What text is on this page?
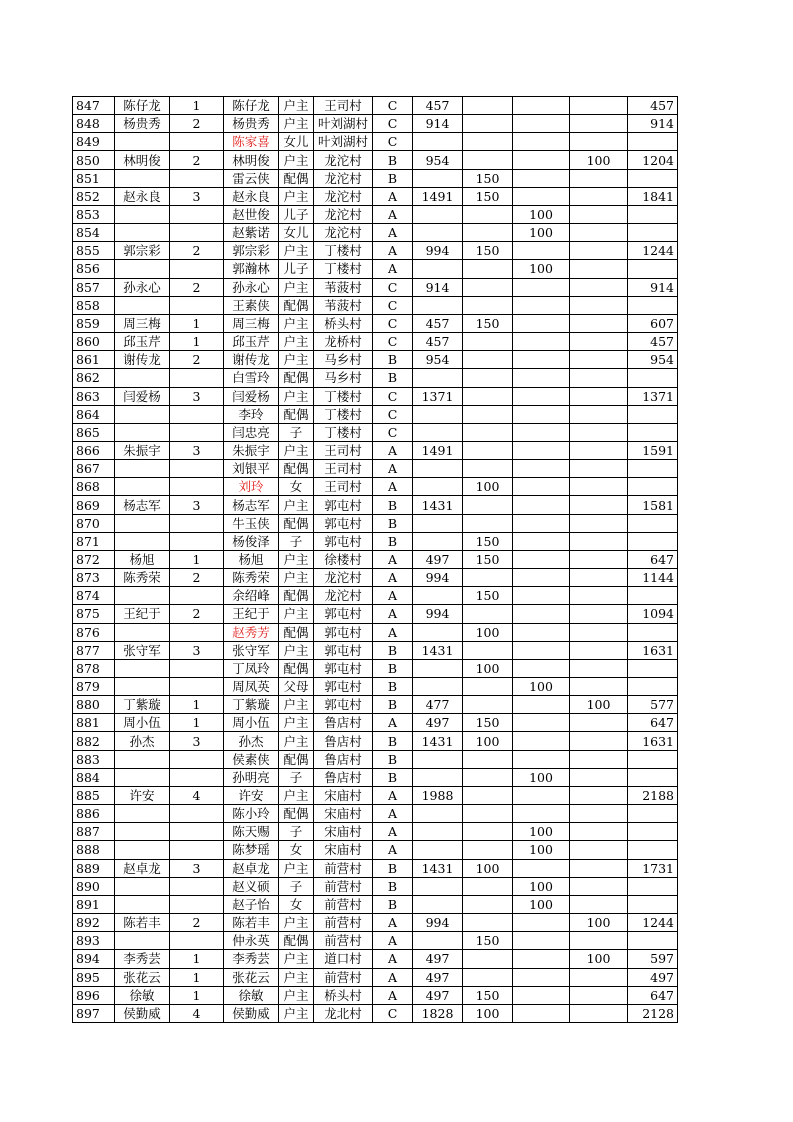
847	陈仔龙	1	陈仔龙	户主	王司村	C	457				457
848	杨贵秀	2	杨贵秀	户主	叶刘湖村	C	914				914
849			陈家喜	女儿	叶刘湖村	C					
850	林明俊	2	林明俊	户主	龙沱村	B	954			100	1204
851			雷云侠	配偶	龙沱村	B		150			
852	赵永良	3	赵永良	户主	龙沱村	A	1491	150			1841
853			赵世俊	儿子	龙沱村	A			100		
854			赵紫诺	女儿	龙沱村	A			100		
855	郭宗彩	2	郭宗彩	户主	丁楼村	A	994	150			1244
856			郭瀚林	儿子	丁楼村	A			100		
857	孙永心	2	孙永心	户主	苇菠村	C	914				914
858			王素侠	配偶	苇菠村	C					
859	周三梅	1	周三梅	户主	桥头村	C	457	150			607
860	邱玉芹	1	邱玉芹	户主	龙桥村	C	457				457
861	谢传龙	2	谢传龙	户主	马乡村	B	954				954
862			白雪玲	配偶	马乡村	B					
863	闫爱杨	3	闫爱杨	户主	丁楼村	C	1371				1371
864			李玲	配偶	丁楼村	C					
865			闫忠亮	子	丁楼村	C					
866	朱振宇	3	朱振宇	户主	王司村	A	1491				1591
867			刘银平	配偶	王司村	A					
868			刘玲	女	王司村	A		100			
869	杨志军	3	杨志军	户主	郭屯村	B	1431				1581
870			牛玉侠	配偶	郭屯村	B					
871			杨俊泽	子	郭屯村	B		150			
872	杨旭	1	杨旭	户主	徐楼村	A	497	150			647
873	陈秀荣	2	陈秀荣	户主	龙沱村	A	994				1144
874			余绍峰	配偶	龙沱村	A		150			
875	王纪于	2	王纪于	户主	郭屯村	A	994				1094
876			赵秀芳	配偶	郭屯村	A		100			
877	张守军	3	张守军	户主	郭屯村	B	1431				1631
878			丁凤玲	配偶	郭屯村	B		100			
879			周凤英	父母	郭屯村	B			100		
880	丁紫璇	1	丁紫璇	户主	郭屯村	B	477			100	577
881	周小伍	1	周小伍	户主	鲁店村	A	497	150			647
882	孙杰	3	孙杰	户主	鲁店村	B	1431	100			1631
883			侯素侠	配偶	鲁店村	B					
884			孙明亮	子	鲁店村	B			100		
885	许安	4	许安	户主	宋庙村	A	1988				2188
886			陈小玲	配偶	宋庙村	A					
887			陈天赐	子	宋庙村	A			100		
888			陈梦瑶	女	宋庙村	A			100		
889	赵卓龙	3	赵卓龙	户主	前营村	B	1431	100			1731
890			赵义硕	子	前营村	B			100		
891			赵子怡	女	前营村	B			100		
892	陈若丰	2	陈若丰	户主	前营村	A	994			100	1244
893			仲永英	配偶	前营村	A		150			
894	李秀芸	1	李秀芸	户主	道口村	A	497			100	597
895	张花云	1	张花云	户主	前营村	A	497				497
896	徐敏	1	徐敏	户主	桥头村	A	497	150			647
897	侯勤威	4	侯勤威	户主	龙北村	C	1828	100			2128
